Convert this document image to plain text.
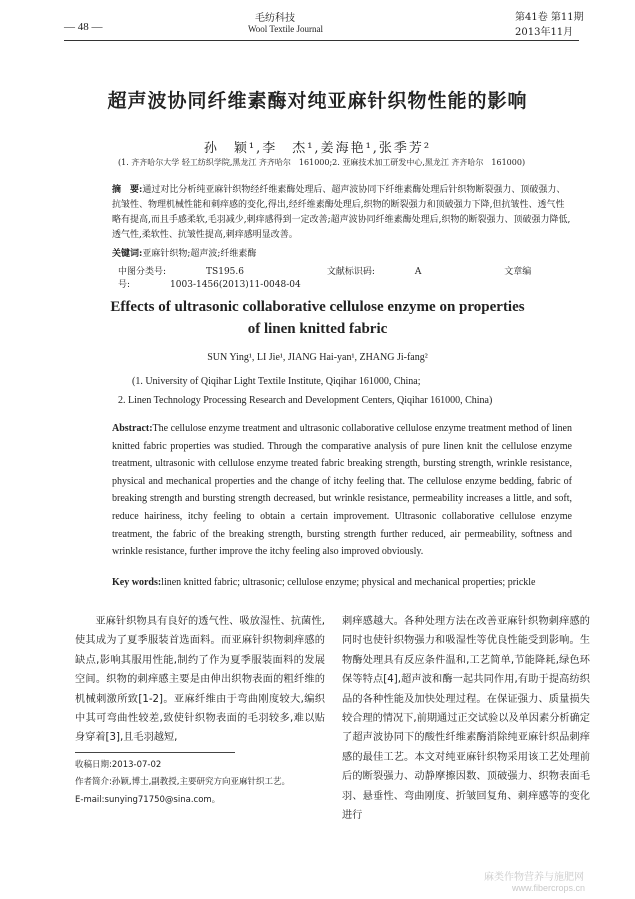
— 48 —
毛纺科技
Wool Textile Journal
第41卷 第11期
2013年11月
超声波协同纤维素酶对纯亚麻针织物性能的影响
孙　颖¹,李　杰¹,姜海艳¹,张季芳²
(1. 齐齐哈尔大学 轻工纺织学院,黑龙江 齐齐哈尔　161000;2. 亚麻技术加工研发中心,黑龙江 齐齐哈尔　161000)
摘　要:通过对比分析纯亚麻针织物经纤维素酶处理后、超声波协同下纤维素酶处理后针织物断裂强力、顶破强力、抗皱性、物理机械性能和刺痒感的变化,得出,经纤维素酶处理后,织物的断裂强力和顶破强力下降,但抗皱性、透气性略有提高,而且手感柔软,毛羽减少,刺痒感得到一定改善;超声波协同纤维素酶处理后,织物的断裂强力、顶破强力降低,透气性,柔软性、抗皱性提高,刺痒感明显改善。
关键词:亚麻针织物;超声波;纤维素酶
中图分类号:	TS195.6	文献标识码:	A	文章编号:	1003-1456(2013)11-0048-04
Effects of ultrasonic collaborative cellulose enzyme on properties
of linen knitted fabric
SUN Ying¹, LI Jie¹, JIANG Hai-yan¹, ZHANG Ji-fang²
(1. University of Qiqihar Light Textile Institute, Qiqihar 161000, China;
2. Linen Technology Processing Research and Development Centers, Qiqihar 161000, China)
Abstract:The cellulose enzyme treatment and ultrasonic collaborative cellulose enzyme treatment method of linen knitted fabric properties was studied. Through the comparative analysis of pure linen knit the cellulose enzyme treatment, ultrasonic with cellulose enzyme treated fabric breaking strength, bursting strength, wrinkle resistance, physical and mechanical properties and the change of itchy feeling that. The cellulose enzyme bedding, fabric of breaking strength and bursting strength decreased, but wrinkle resistance, permeability increases a little, and soft, reduce hairiness, itchy feeling to obtain a certain improvement. Ultrasonic collaborative cellulose enzyme treatment, the fabric of the breaking strength, bursting strength further reduced, air permeability, softness and wrinkle resistance, further improve the itchy feeling also improved obviously.
Key words:linen knitted fabric; ultrasonic; cellulose enzyme; physical and mechanical properties; prickle
亚麻针织物具有良好的透气性、吸放湿性、抗菌性,使其成为了夏季服装首选面料。而亚麻针织物刺痒感的缺点,影响其服用性能,制约了作为夏季服装面料的发展空间。织物的刺痒感主要是由伸出织物表面的粗纤维的机械刺激所致[1-2]。亚麻纤维由于弯曲刚度较大,编织中其可弯曲性较差,致使针织物表面的毛羽较多,难以贴身穿着[3],且毛羽越短,
刺痒感越大。各种处理方法在改善亚麻针织物刺痒感的同时也使针织物强力和吸湿性等优良性能受到影响。生物酶处理具有反应条件温和,工艺简单,节能降耗,绿色环保等特点[4],超声波和酶一起共同作用,有助于提高纺织品的各种性能及加快处理过程。在保证强力、质量损失较合理的情况下,前期通过正交试验以及单因素分析确定了超声波协同下的酸性纤维素酶消除纯亚麻针织品刺痒感的最佳工艺。本文对纯亚麻针织物采用该工艺处理前后的断裂强力、动静摩擦因数、顶破强力、织物表面毛羽、悬垂性、弯曲刚度、折皱回复角、刺痒感等的变化进行
收稿日期:2013-07-02
作者简介:孙颖,博士,副教授,主要研究方向亚麻针织工艺。
E-mail:sunying71750@sina.com。
麻类作物营养与施肥网
www.fibercrops.cn
